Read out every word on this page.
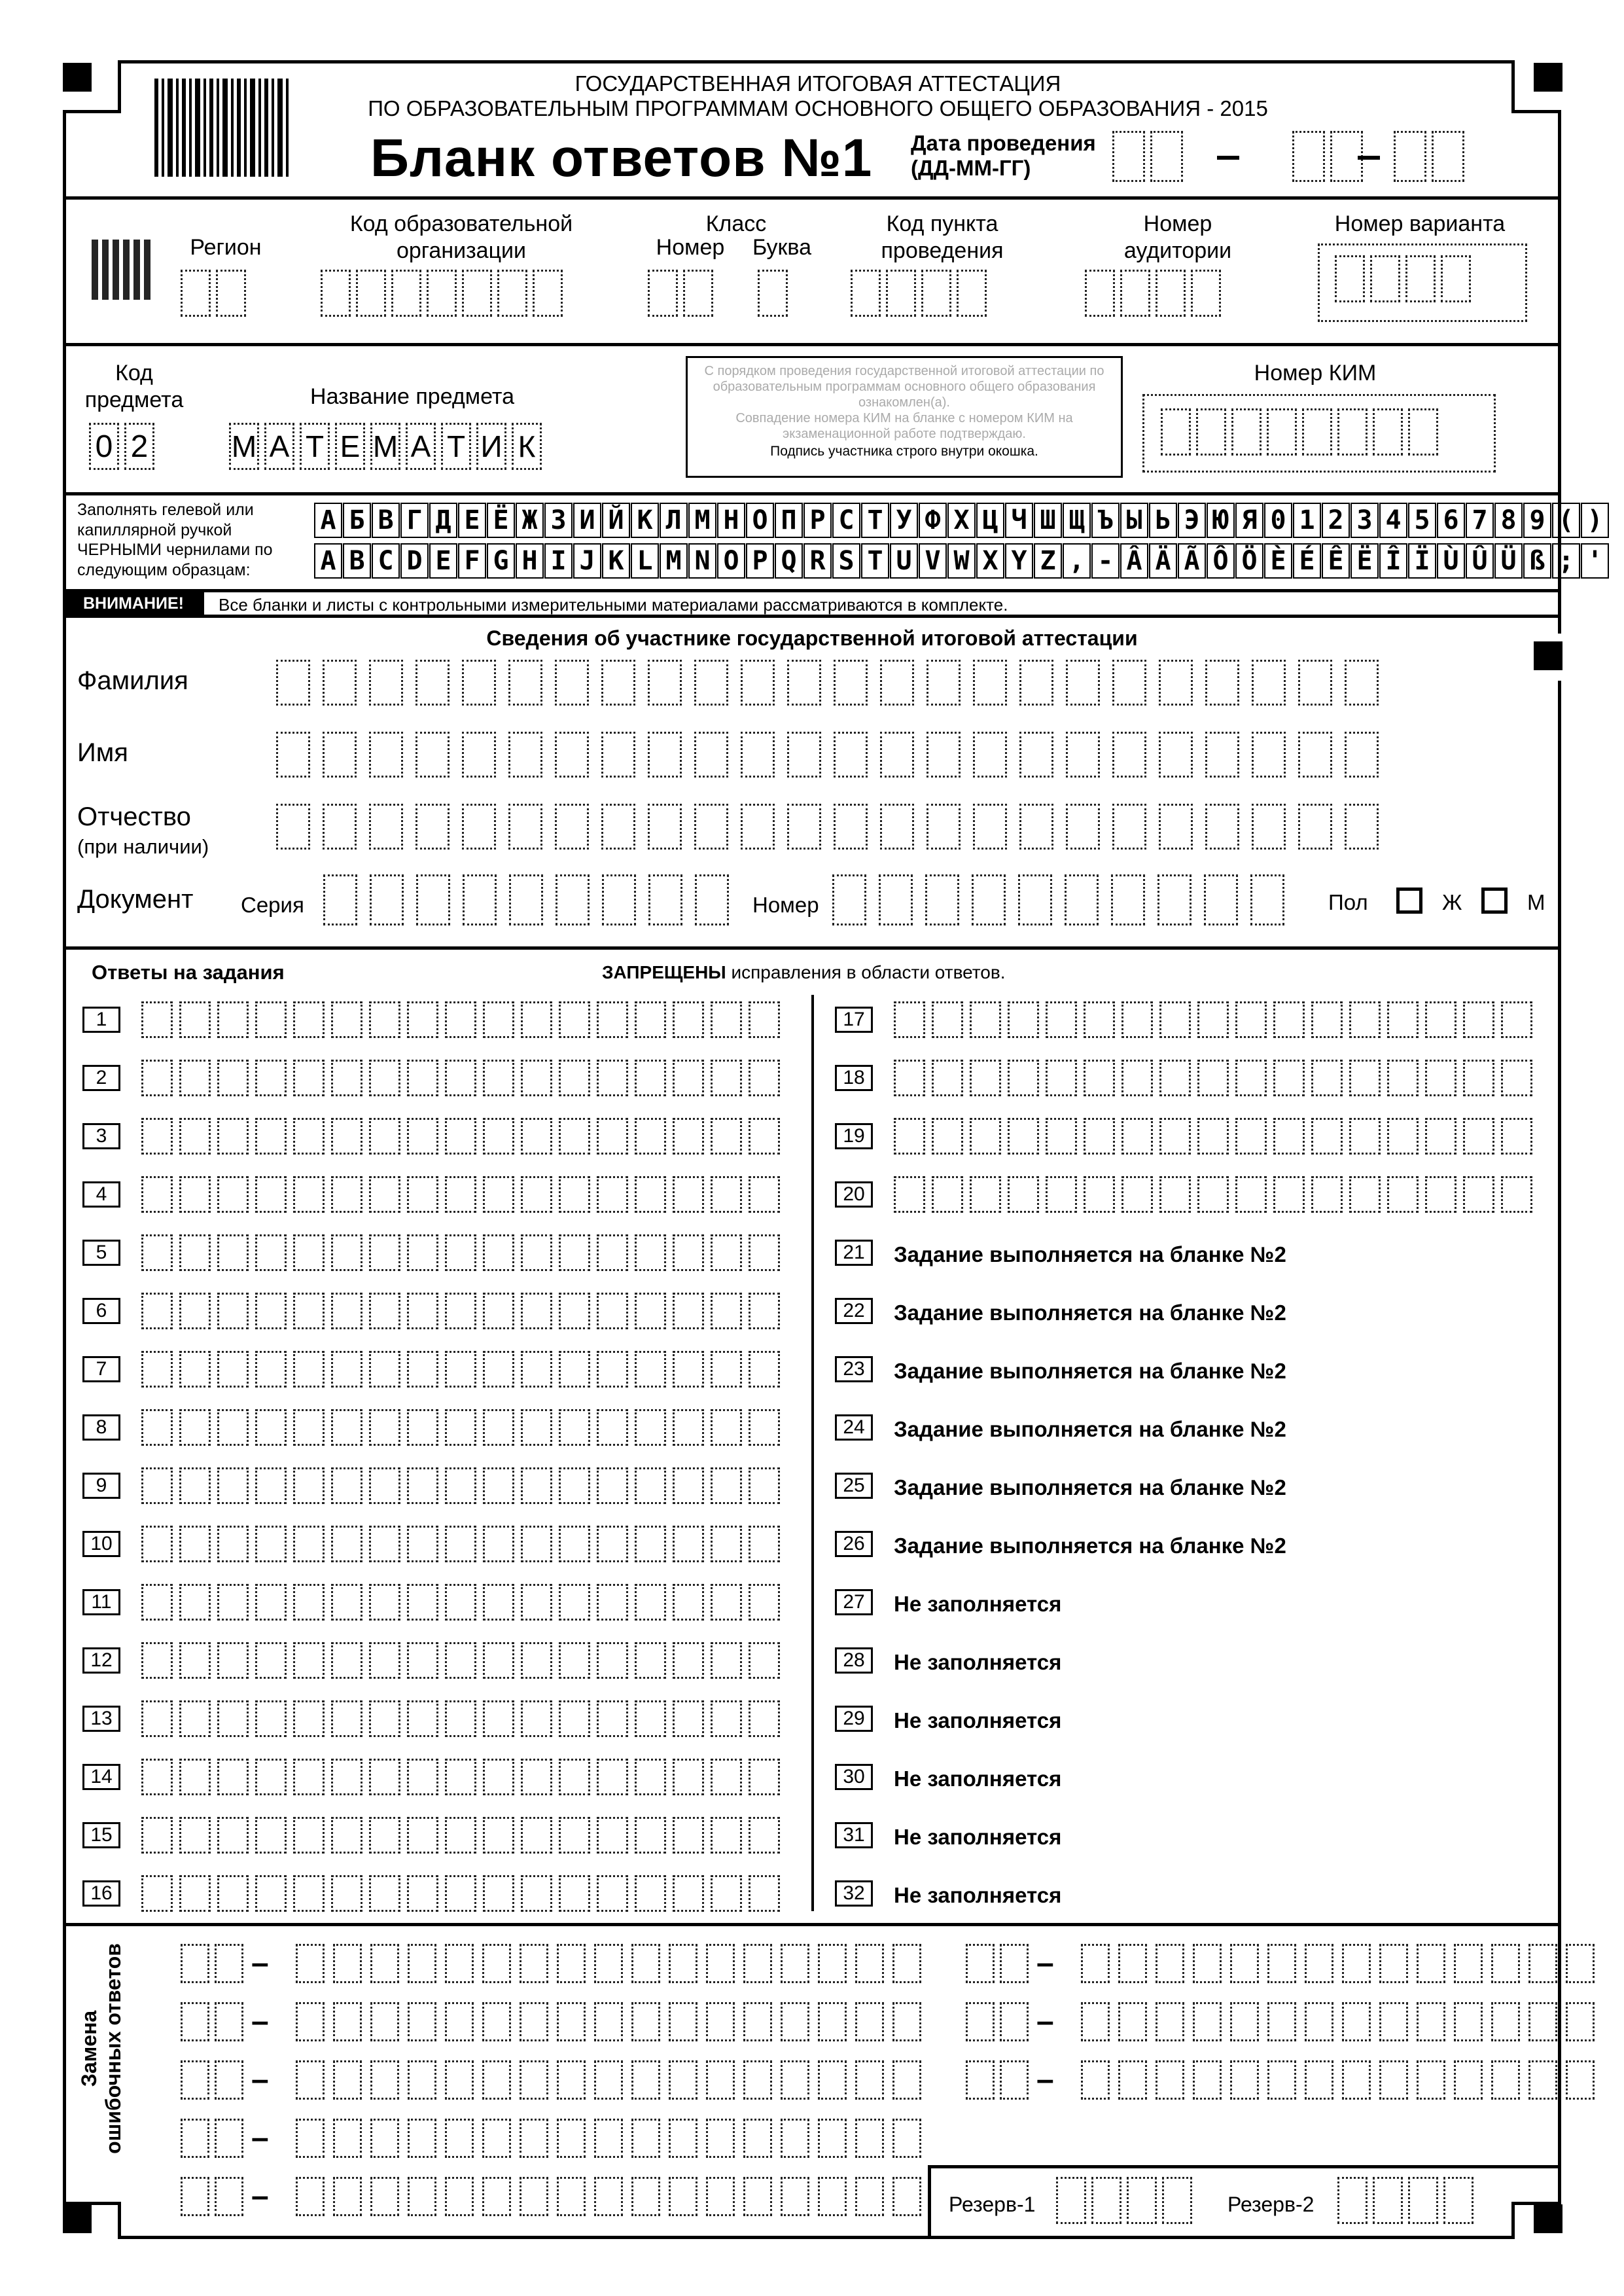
ГОСУДАРСТВЕННАЯ ИТОГОВАЯ АТТЕСТАЦИЯ
ПО ОБРАЗОВАТЕЛЬНЫМ ПРОГРАММАМ ОСНОВНОГО ОБЩЕГО ОБРАЗОВАНИЯ - 2015
Бланк ответов №1 Дата проведения
(ДД-ММ-ГГ)
Регион
Код образовательной организации
Класс
Номер	Буква
Код пункта проведения
Номер аудитории
Номер варианта
Код предмета
0 2
Название предмета
М А Т Е М А Т И К
С порядком проведения государственной итоговой аттестации по образовательным программам основного общего образования ознакомлен(а).
Совпадение номера КИМ на бланке с номером КИМ на экзаменационной работе подтверждаю.
Подпись участника строго внутри окошка.
Номер КИМ
Заполнять гелевой или капиллярной ручкой ЧЕРНЫМИ чернилами по следующим образцам:
А Б В Г Д Е Ё Ж З И Й К Л М Н О П Р С Т У Ф Х Ц Ч Ш Щ Ъ Ы Ь Э Ю Я 0 1 2 3 4 5 6 7 8 9 ( )
A B C D E F G H I J K L M N O P Q R S T U V W X Y Z , - Â Ä Ã Ô Ö È É Ê Ë Î Ï Ù Û Ü ß ; '
ВНИМАНИЕ!	Все бланки и листы с контрольными измерительными материалами рассматриваются в комплекте.
Сведения об участнике государственной итоговой аттестации
Фамилия
Имя
Отчество
(при наличии)
Документ Серия	Номер	Пол	Ж	М
Ответы на задания	ЗАПРЕЩЕНЫ исправления в области ответов.
1
2
3
4
5
6
7
8
9
10
11
12
13
14
15
16
17
18
19
20
21	Задание выполняется на бланке №2
22	Задание выполняется на бланке №2
23	Задание выполняется на бланке №2
24	Задание выполняется на бланке №2
25	Задание выполняется на бланке №2
26	Задание выполняется на бланке №2
27	Не заполняется
28	Не заполняется
29	Не заполняется
30	Не заполняется
31	Не заполняется
32	Не заполняется
Замена
ошибочных ответов	–
–
–
–
–
–
–
–
Резерв-1	Резерв-2
